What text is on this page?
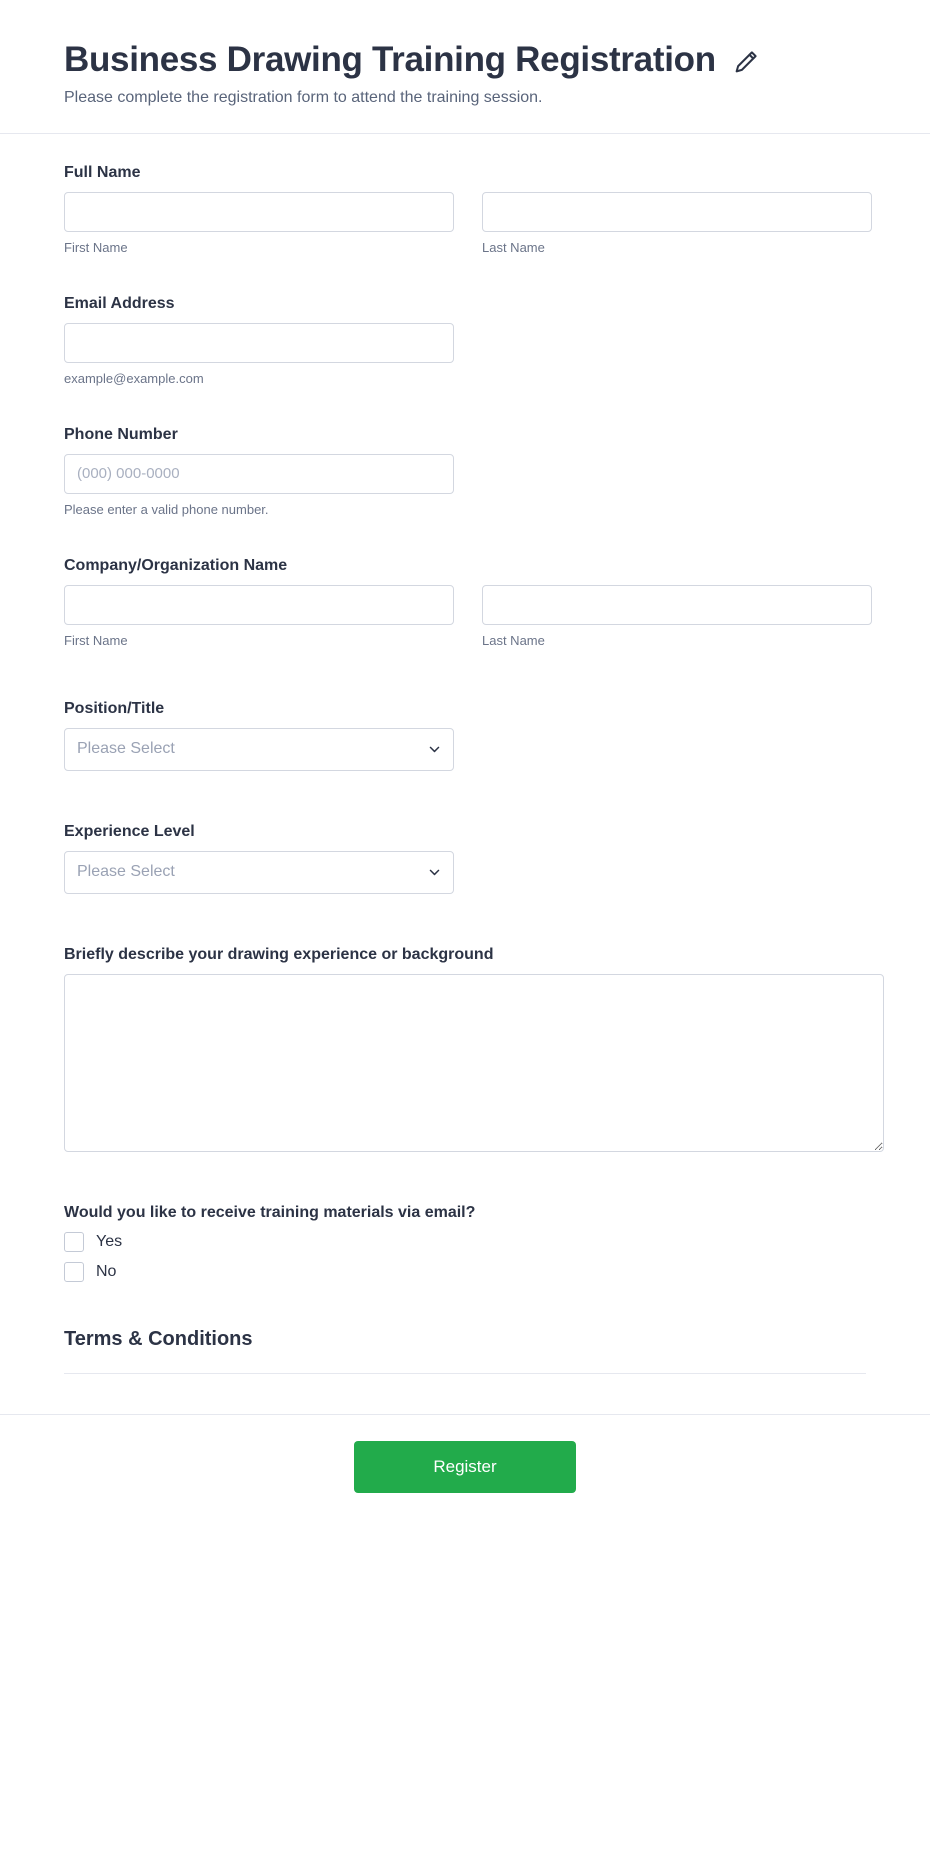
Business Drawing Training Registration

Please complete the registration form to attend the training session.

Full Name
First Name	Last Name
Email Address
example@example.com
Phone Number
(000) 000-0000
Please enter a valid phone number.
Company/Organization Name
First Name	Last Name
Position/Title
Please Select
Experience Level
Please Select
Briefly describe your drawing experience or background
Would you like to receive training materials via email?
Yes
No
Terms & Conditions
Register
